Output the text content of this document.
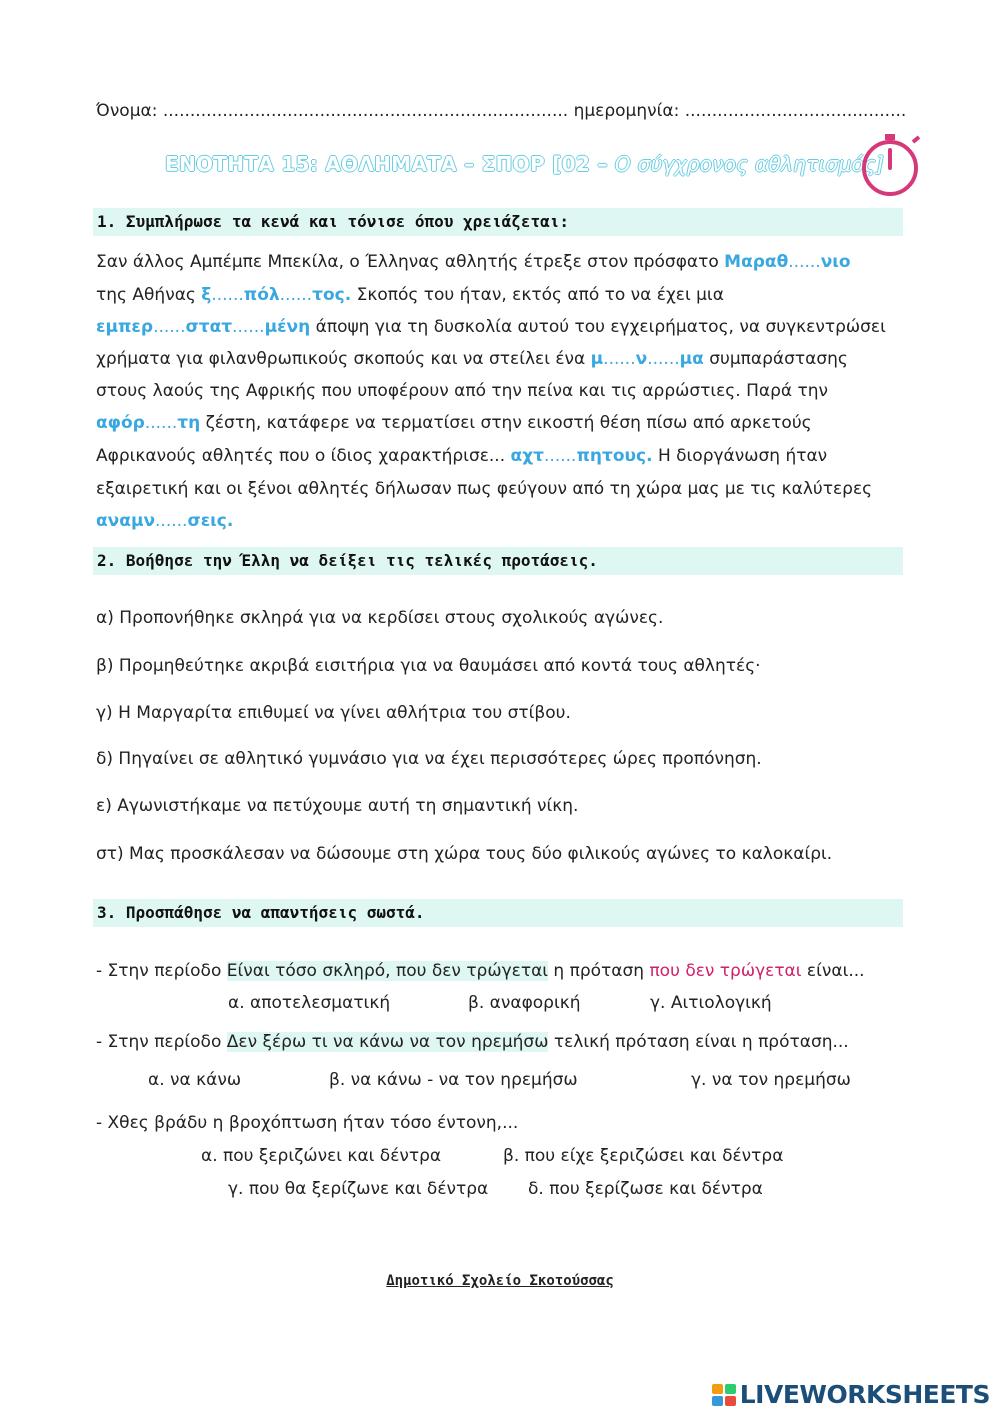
Όνομα: ........................................................................... ημερομηνία: .........................................
ΕΝΟΤΗΤΑ 15: ΑΘΛΗΜΑΤΑ – ΣΠΟΡ [02 – Ο σύγχρονος αθλητισμός]
1. Συμπλήρωσε τα κενά και τόνισε όπου χρειάζεται:
Σαν άλλος Αμπέμπε Μπεκίλα, ο Έλληνας αθλητής έτρεξε στον πρόσφατο Μαραθ......νιο
της Αθήνας ξ......πόλ......τος. Σκοπός του ήταν, εκτός από το να έχει μια
εμπερ......στατ......μένη άποψη για τη δυσκολία αυτού του εγχειρήματος, να συγκεντρώσει
χρήματα για φιλανθρωπικούς σκοπούς και να στείλει ένα μ......ν......μα συμπαράστασης
στους λαούς της Αφρικής που υποφέρουν από την πείνα και τις αρρώστιες. Παρά την
αφόρ......τη ζέστη, κατάφερε να τερματίσει στην εικοστή θέση πίσω από αρκετούς
Αφρικανούς αθλητές που ο ίδιος χαρακτήρισε... αχτ......πητους. Η διοργάνωση ήταν
εξαιρετική και οι ξένοι αθλητές δήλωσαν πως φεύγουν από τη χώρα μας με τις καλύτερες
αναμν......σεις.
2. Βοήθησε την Έλλη να δείξει τις τελικές προτάσεις.
α) Προπονήθηκε σκληρά για να κερδίσει στους σχολικούς αγώνες.
β) Προμηθεύτηκε ακριβά εισιτήρια για να θαυμάσει από κοντά τους αθλητές·
γ) Η Μαργαρίτα επιθυμεί να γίνει αθλήτρια του στίβου.
δ) Πηγαίνει σε αθλητικό γυμνάσιο για να έχει περισσότερες ώρες προπόνηση.
ε) Αγωνιστήκαμε να πετύχουμε αυτή τη σημαντική νίκη.
στ) Μας προσκάλεσαν να δώσουμε στη χώρα τους δύο φιλικούς αγώνες το καλοκαίρι.
3. Προσπάθησε να απαντήσεις σωστά.
- Στην περίοδο Είναι τόσο σκληρό, που δεν τρώγεται η πρόταση που δεν τρώγεται είναι...
α. αποτελεσματική	β. αναφορική	γ. Αιτιολογική
- Στην περίοδο Δεν ξέρω τι να κάνω να τον ηρεμήσω τελική πρόταση είναι η πρόταση...
α. να κάνω	β. να κάνω - να τον ηρεμήσω	γ. να τον ηρεμήσω
- Χθες βράδυ η βροχόπτωση ήταν τόσο έντονη,...
α. που ξεριζώνει και δέντρα	β. που είχε ξεριζώσει και δέντρα
γ. που θα ξερίζωνε και δέντρα δ. που ξερίζωσε και δέντρα
Δημοτικό Σχολείο Σκοτούσσας
LIVEWORKSHEETS
